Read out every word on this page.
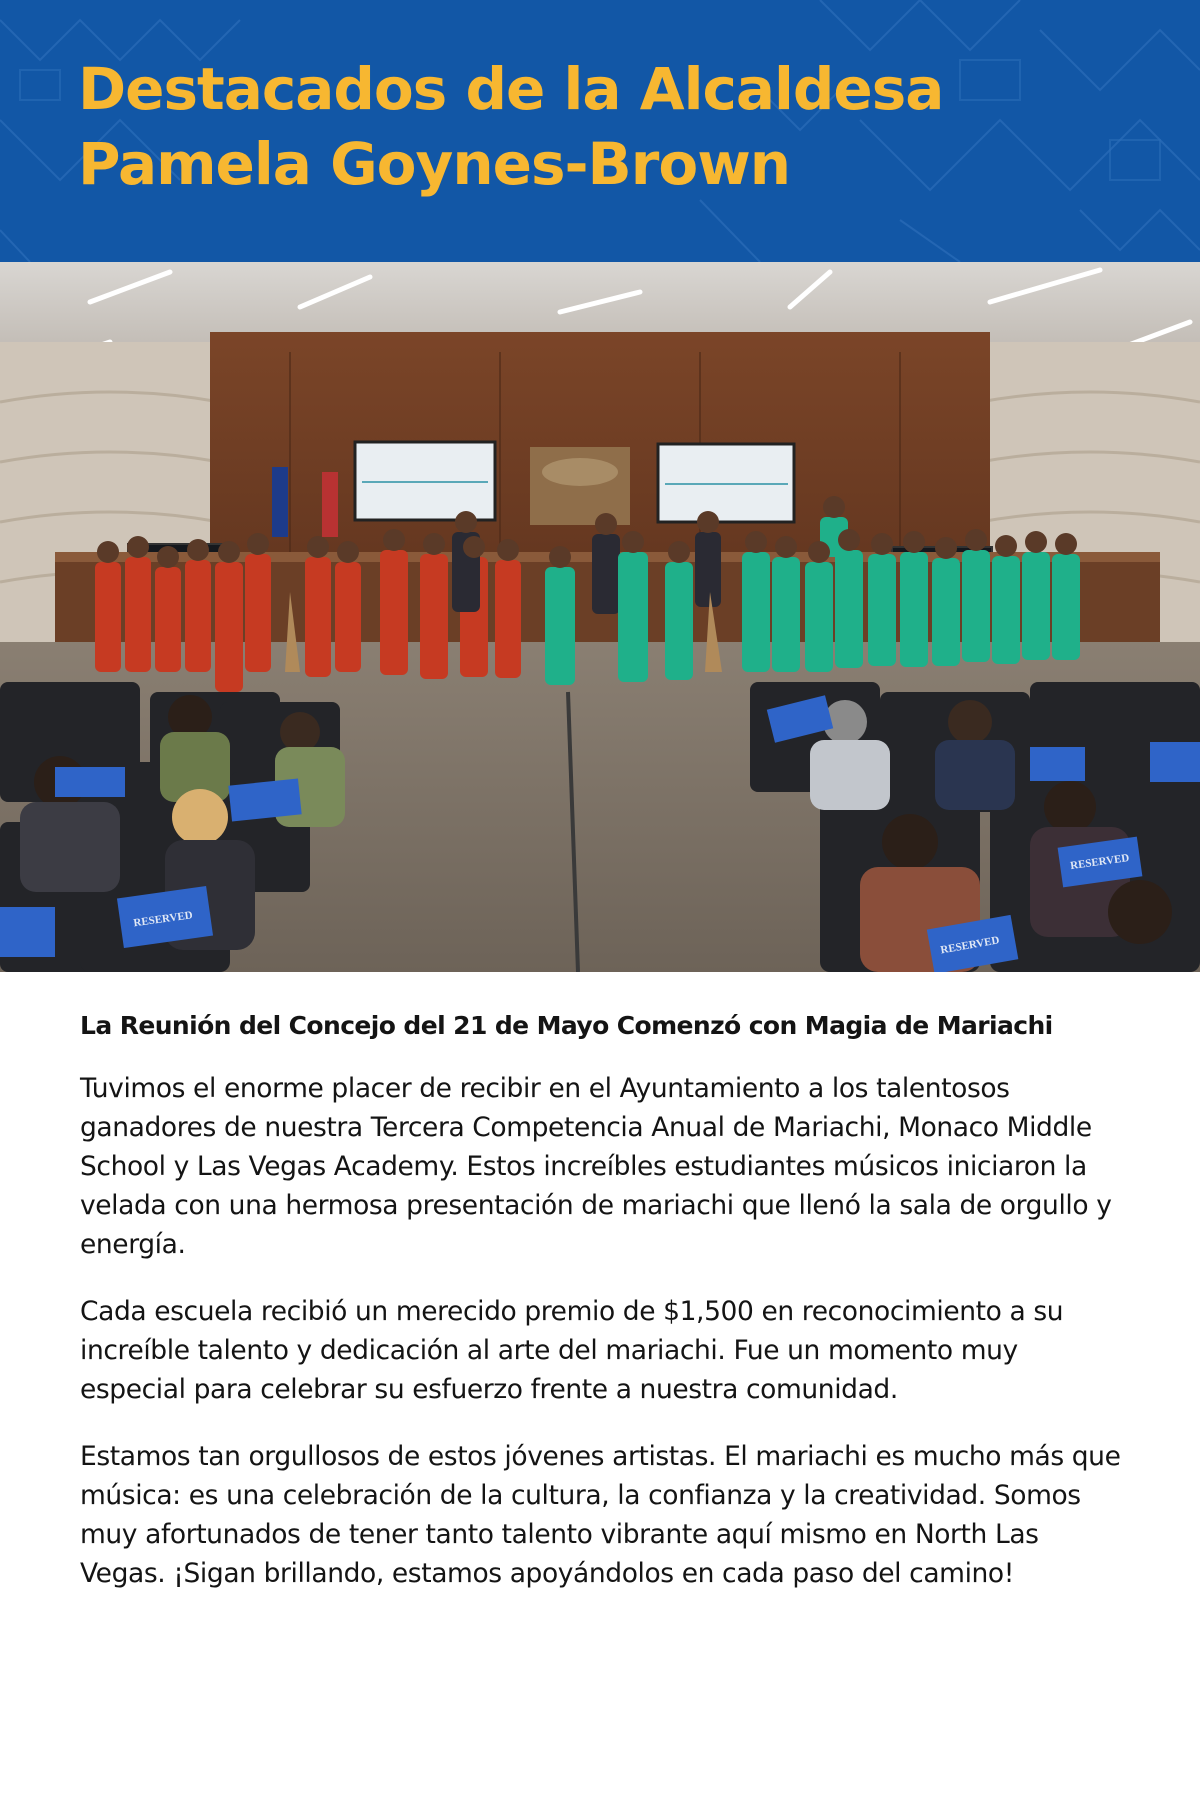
Destacados de la Alcaldesa
Pamela Goynes-Brown
RESERVED
RESERVED
RESERVED
La Reunión del Concejo del 21 de Mayo Comenzó con Magia de Mariachi

Tuvimos el enorme placer de recibir en el Ayuntamiento a los talentosos ganadores de nuestra Tercera Competencia Anual de Mariachi, Monaco Middle School y Las Vegas Academy. Estos increíbles estudiantes músicos iniciaron la velada con una hermosa presentación de mariachi que llenó la sala de orgullo y energía.

Cada escuela recibió un merecido premio de $1,500 en reconocimiento a su increíble talento y dedicación al arte del mariachi. Fue un momento muy especial para celebrar su esfuerzo frente a nuestra comunidad.

Estamos tan orgullosos de estos jóvenes artistas. El mariachi es mucho más que música: es una celebración de la cultura, la confianza y la creatividad. Somos muy afortunados de tener tanto talento vibrante aquí mismo en North Las Vegas. ¡Sigan brillando, estamos apoyándolos en cada paso del camino!
